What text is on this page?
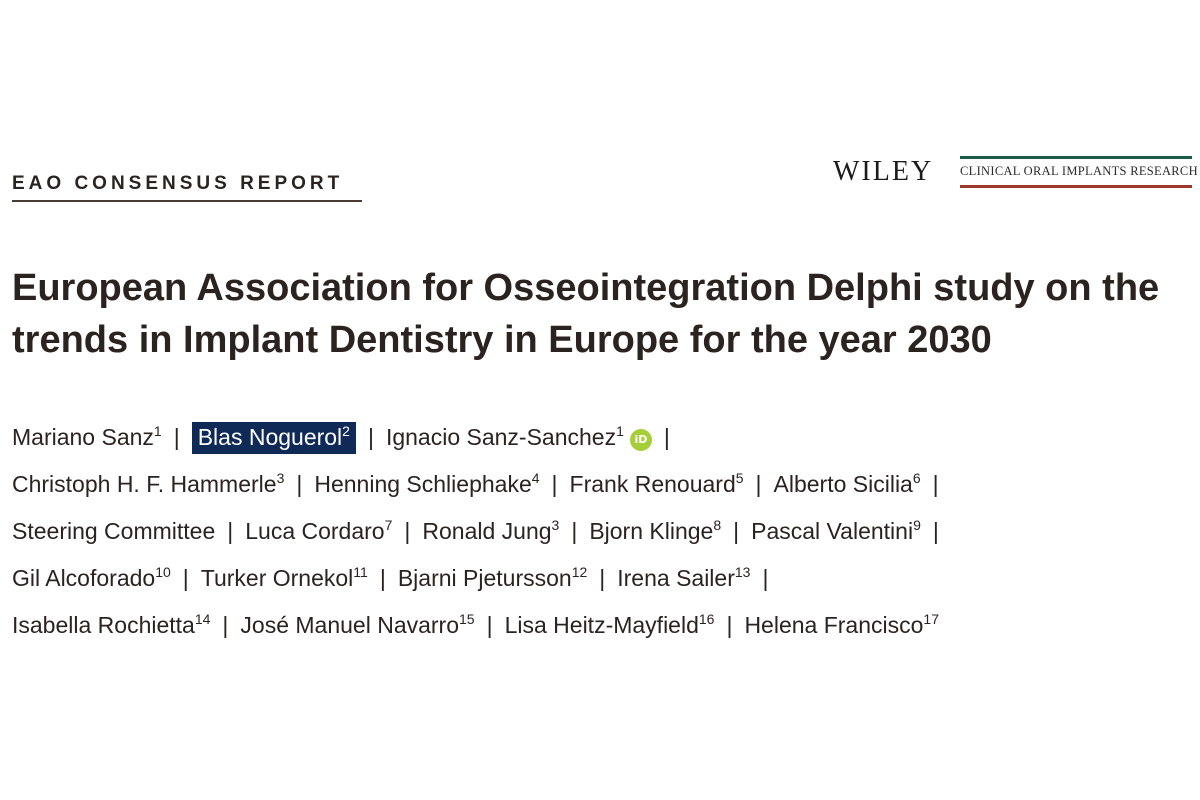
EAO CONSENSUS REPORT	WILEY CLINICAL ORAL IMPLANTS RESEARCH
European Association for Osseointegration Delphi study on the
trends in Implant Dentistry in Europe for the year 2030
Mariano Sanz$^1$ | Blas Noguerol$^2$ | Ignacio Sanz-Sanchez$^1$iD |
Christoph H. F. Hammerle$^3$ | Henning Schliephake$^4$ | Frank Renouard$^5$ | Alberto Sicilia$^6$ |
Steering Committee | Luca Cordaro$^7$ | Ronald Jung$^3$ | Bjorn Klinge$^8$ | Pascal Valentini$^9$ |
Gil Alcoforado$^{10}$ | Turker Ornekol$^{11}$ | Bjarni Pjetursson$^{12}$ | Irena Sailer$^{13}$ |
Isabella Rochietta$^{14}$ | José Manuel Navarro$^{15}$ | Lisa Heitz-Mayfield$^{16}$ | Helena Francisco$^{17}$
